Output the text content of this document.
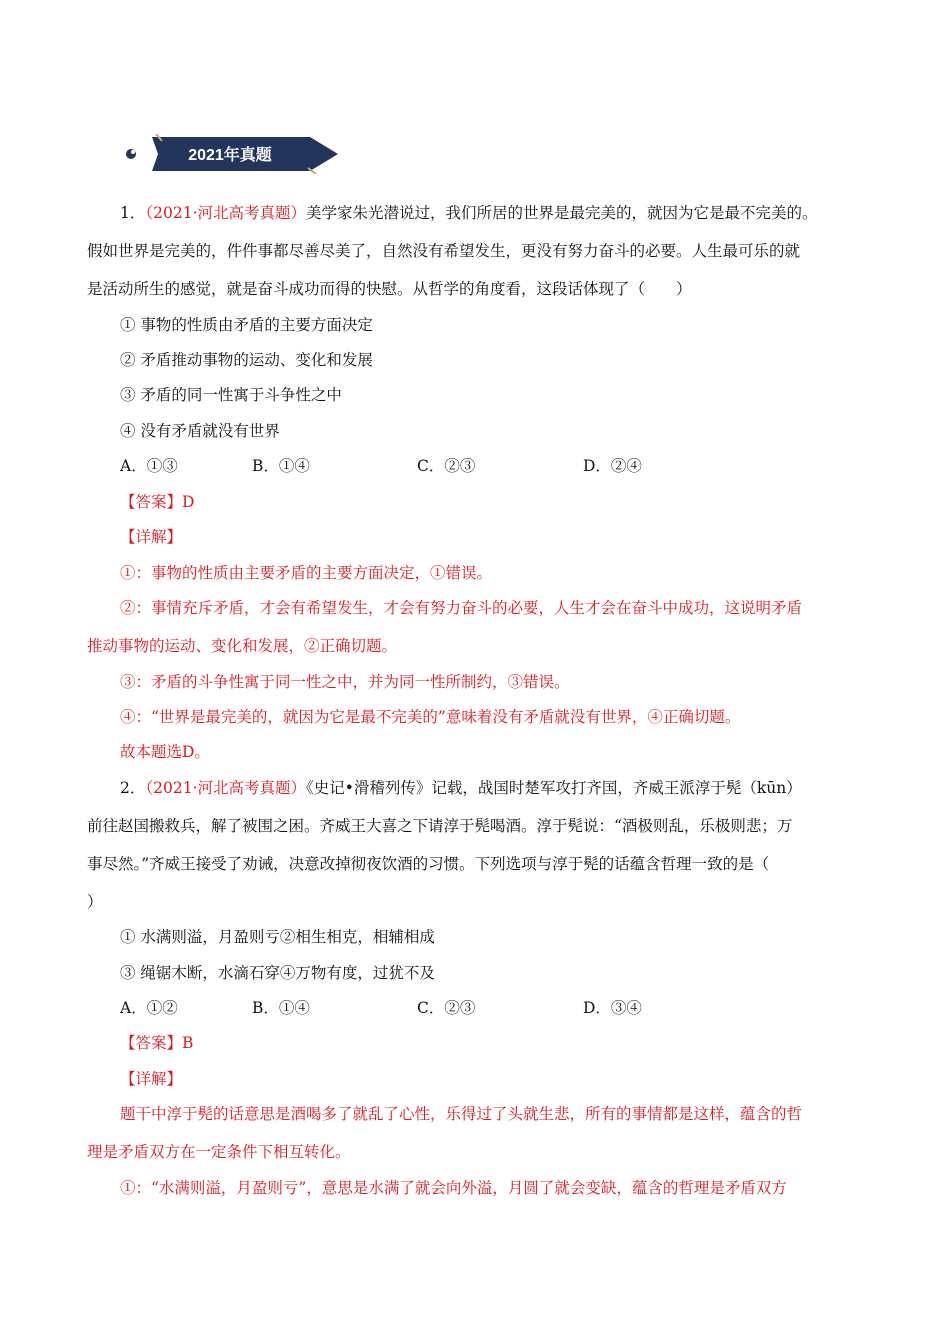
2021年真题
1．（2021·河北高考真题）美学家朱光潜说过，我们所居的世界是最完美的，就因为它是最不完美的。
假如世界是完美的，件件事都尽善尽美了，自然没有希望发生，更没有努力奋斗的必要。人生最可乐的就
是活动所生的感觉，就是奋斗成功而得的快慰。从哲学的角度看，这段话体现了（　　）
① 事物的性质由矛盾的主要方面决定
② 矛盾推动事物的运动、变化和发展
③ 矛盾的同一性寓于斗争性之中
④ 没有矛盾就没有世界
A．①③	B．①④	C．②③	D．②④
【答案】D
【详解】
①：事物的性质由主要矛盾的主要方面决定，①错误。
②：事情充斥矛盾，才会有希望发生，才会有努力奋斗的必要，人生才会在奋斗中成功，这说明矛盾
推动事物的运动、变化和发展，②正确切题。
③：矛盾的斗争性寓于同一性之中，并为同一性所制约，③错误。
④：“世界是最完美的，就因为它是最不完美的”意味着没有矛盾就没有世界，④正确切题。
故本题选D。
2．（2021·河北高考真题）《史记•滑稽列传》记载，战国时楚军攻打齐国，齐威王派淳于髡（kūn）
前往赵国搬救兵，解了被围之困。齐威王大喜之下请淳于髡喝酒。淳于髡说：“酒极则乱，乐极则悲；万
事尽然。”齐威王接受了劝诫，决意改掉彻夜饮酒的习惯。下列选项与淳于髡的话蕴含哲理一致的是（
）
① 水满则溢，月盈则亏②相生相克，相辅相成
③ 绳锯木断，水滴石穿④万物有度，过犹不及
A．①②	B．①④	C．②③	D．③④
【答案】B
【详解】
题干中淳于髡的话意思是酒喝多了就乱了心性，乐得过了头就生悲，所有的事情都是这样，蕴含的哲
理是矛盾双方在一定条件下相互转化。
①：“水满则溢，月盈则亏”，意思是水满了就会向外溢，月圆了就会变缺，蕴含的哲理是矛盾双方
